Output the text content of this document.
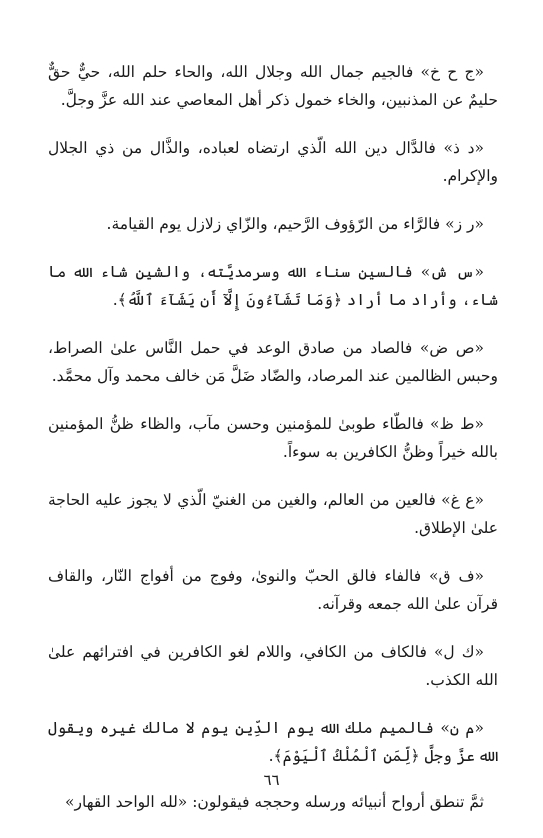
«ج ح خ» فالجيم جمال الله وجلال الله، والحاء حلم الله، حيٌّ حقٌّ حليمٌ عن المذنبين، والخاء خمول ذكر أهل المعاصي عند الله عزَّ وجلَّ.

«د ذ» فالدَّال دين الله الّذي ارتضاه لعباده، والذَّال من ذي الجلال والإكرام.

«ر ز» فالرَّاء من الرّؤوف الرَّحيم، والزّاي زلازل يوم القيامة.

«س ش» فالسين سناء الله وسرمديَّته، والشين شاء الله ما شاء، وأراد ما أراد ﴿وَمَا تَشَآءُونَ إِلَّآ أَن يَشَآءَ ٱللَّهُ﴾.

«ص ض» فالصاد من صادق الوعد في حمل النَّاس علىٰ الصراط، وحبس الظالمين عند المرصاد، والضّاد ضَلَّ مَن خالف محمد وآل محمَّد.

«ط ظ» فالطّاء طوبىٰ للمؤمنين وحسن مآب، والظاء ظنُّ المؤمنين بالله خيراً وظنُّ الكافرين به سوءاً.

«ع غ» فالعين من العالم، والغين من الغنيّ الّذي لا يجوز عليه الحاجة علىٰ الإطلاق.

«ف ق» فالفاء فالق الحبّ والنوىٰ، وفوج من أفواج النّار، والقاف قرآن علىٰ الله جمعه وقرآنه.

«ك ل» فالكاف من الكافي، واللام لغو الكافرين في افترائهم علىٰ الله الكذب.

«م ن» فالميم ملك الله يوم الدِّين يوم لا مالك غيره ويقول الله عزَّ وجلَّ ﴿لِّمَنِ ٱلْمُلْكُ ٱلْيَوْمَ﴾.

ثمَّ تنطق أرواح أنبيائه ورسله وحججه فيقولون: «لله الواحد القهار»

٦٦
